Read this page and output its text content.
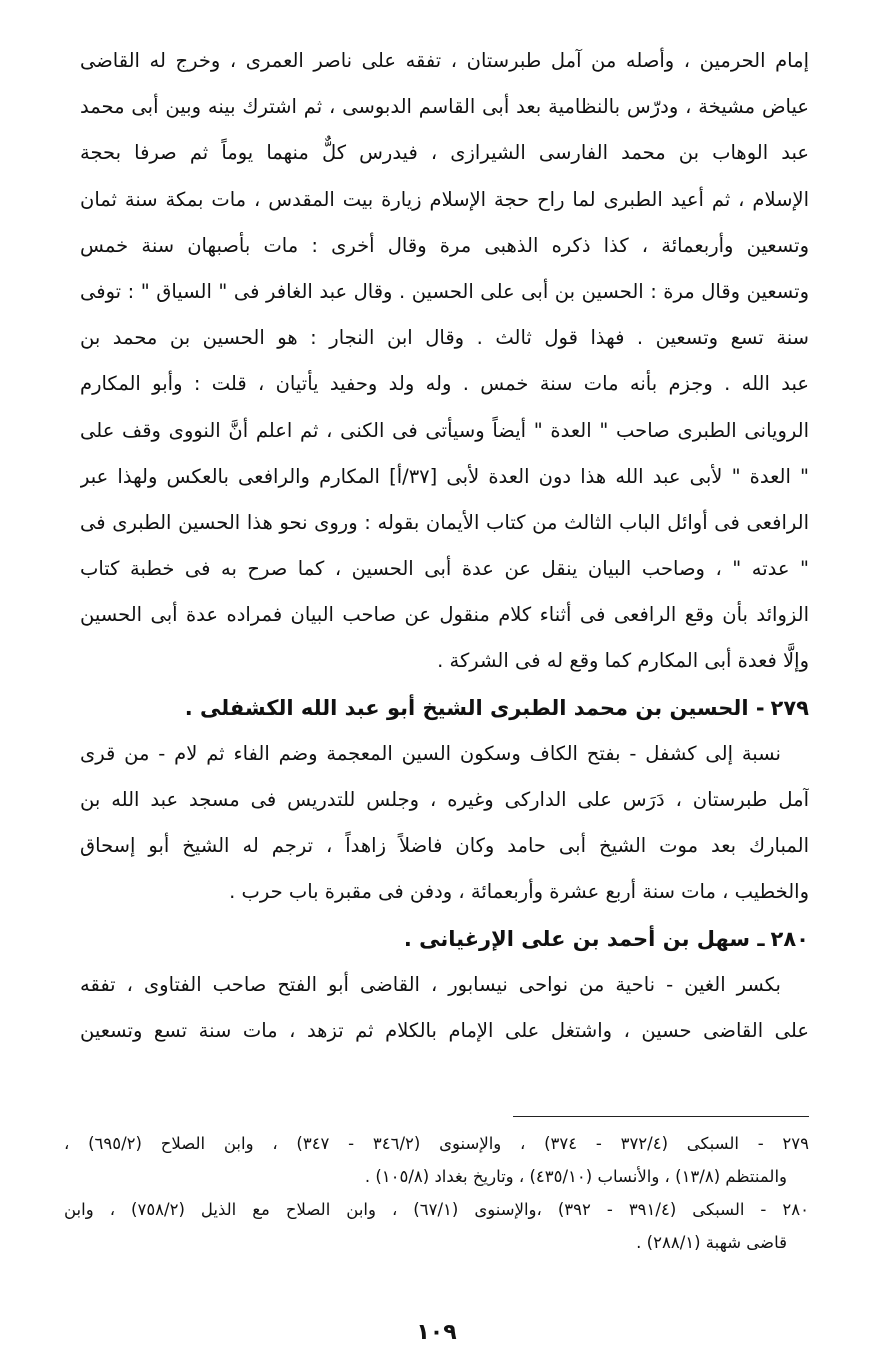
إمام الحرمين ، وأصله من آمل طبرستان ، تفقه على ناصر العمرى ، وخرج له القاضى
عياض مشيخة ، ودرّس بالنظامية بعد أبى القاسم الدبوسى ، ثم اشترك بينه وبين أبى محمد
عبد الوهاب بن محمد الفارسى الشيرازى ، فيدرس كلٌّ منهما يوماً ثم صرفا بحجة
الإسلام ، ثم أعيد الطبرى لما راح حجة الإسلام زيارة بيت المقدس ، مات بمكة سنة ثمان
وتسعين وأربعمائة ، كذا ذكره الذهبى مرة وقال أخرى : مات بأصبهان سنة خمس
وتسعين وقال مرة : الحسين بن أبى على الحسين . وقال عبد الغافر فى " السياق " : توفى
سنة تسع وتسعين . فهذا قول ثالث . وقال ابن النجار : هو الحسين بن محمد بن
عبد الله . وجزم بأنه مات سنة خمس . وله ولد وحفيد يأتيان ، قلت : وأبو المكارم
الرويانى الطبرى صاحب " العدة " أيضاً وسيأتى فى الكنى ، ثم اعلم أنَّ النووى وقف على
" العدة " لأبى عبد الله هذا دون العدة لأبى [٣٧/أ] المكارم والرافعى بالعكس ولهذا عبر
الرافعى فى أوائل الباب الثالث من كتاب الأيمان بقوله : وروى نحو هذا الحسين الطبرى فى
" عدته " ، وصاحب البيان ينقل عن عدة أبى الحسين ، كما صرح به فى خطبة كتاب
الزوائد بأن وقع الرافعى فى أثناء كلام منقول عن صاحب البيان فمراده عدة أبى الحسين
وإلَّا فعدة أبى المكارم كما وقع له فى الشركة .
٢٧٩- الحسين بن محمد الطبرى الشيخ أبو عبد الله الكشفلى .
نسبة إلى كشفل - بفتح الكاف وسكون السين المعجمة وضم الفاء ثم لام - من قرى
آمل طبرستان ، دَرَس على الداركى وغيره ، وجلس للتدريس فى مسجد عبد الله بن
المبارك بعد موت الشيخ أبى حامد وكان فاضلاً زاهداً ، ترجم له الشيخ أبو إسحاق
والخطيب ، مات سنة أربع عشرة وأربعمائة ، ودفن فى مقبرة باب حرب .
٢٨٠ـ سهل بن أحمد بن على الإرغيانى .
بكسر الغين - ناحية من نواحى نيسابور ، القاضى أبو الفتح صاحب الفتاوى ، تفقه
على القاضى حسين ، واشتغل على الإمام بالكلام ثم تزهد ، مات سنة تسع وتسعين
٢٧٩ - السبكى (٣٧٢/٤ - ٣٧٤) ، والإسنوى (٣٤٦/٢ - ٣٤٧) ، وابن الصلاح (٦٩٥/٢) ،
والمنتظم (١٣/٨) ، والأنساب (٤٣٥/١٠) ، وتاريخ بغداد (١٠٥/٨) .
٢٨٠ - السبكى (٣٩١/٤ - ٣٩٢) ،والإسنوى (٦٧/١) ، وابن الصلاح مع الذيل (٧٥٨/٢) ، وابن
قاضى شهبة (٢٨٨/١) .
١٠٩
